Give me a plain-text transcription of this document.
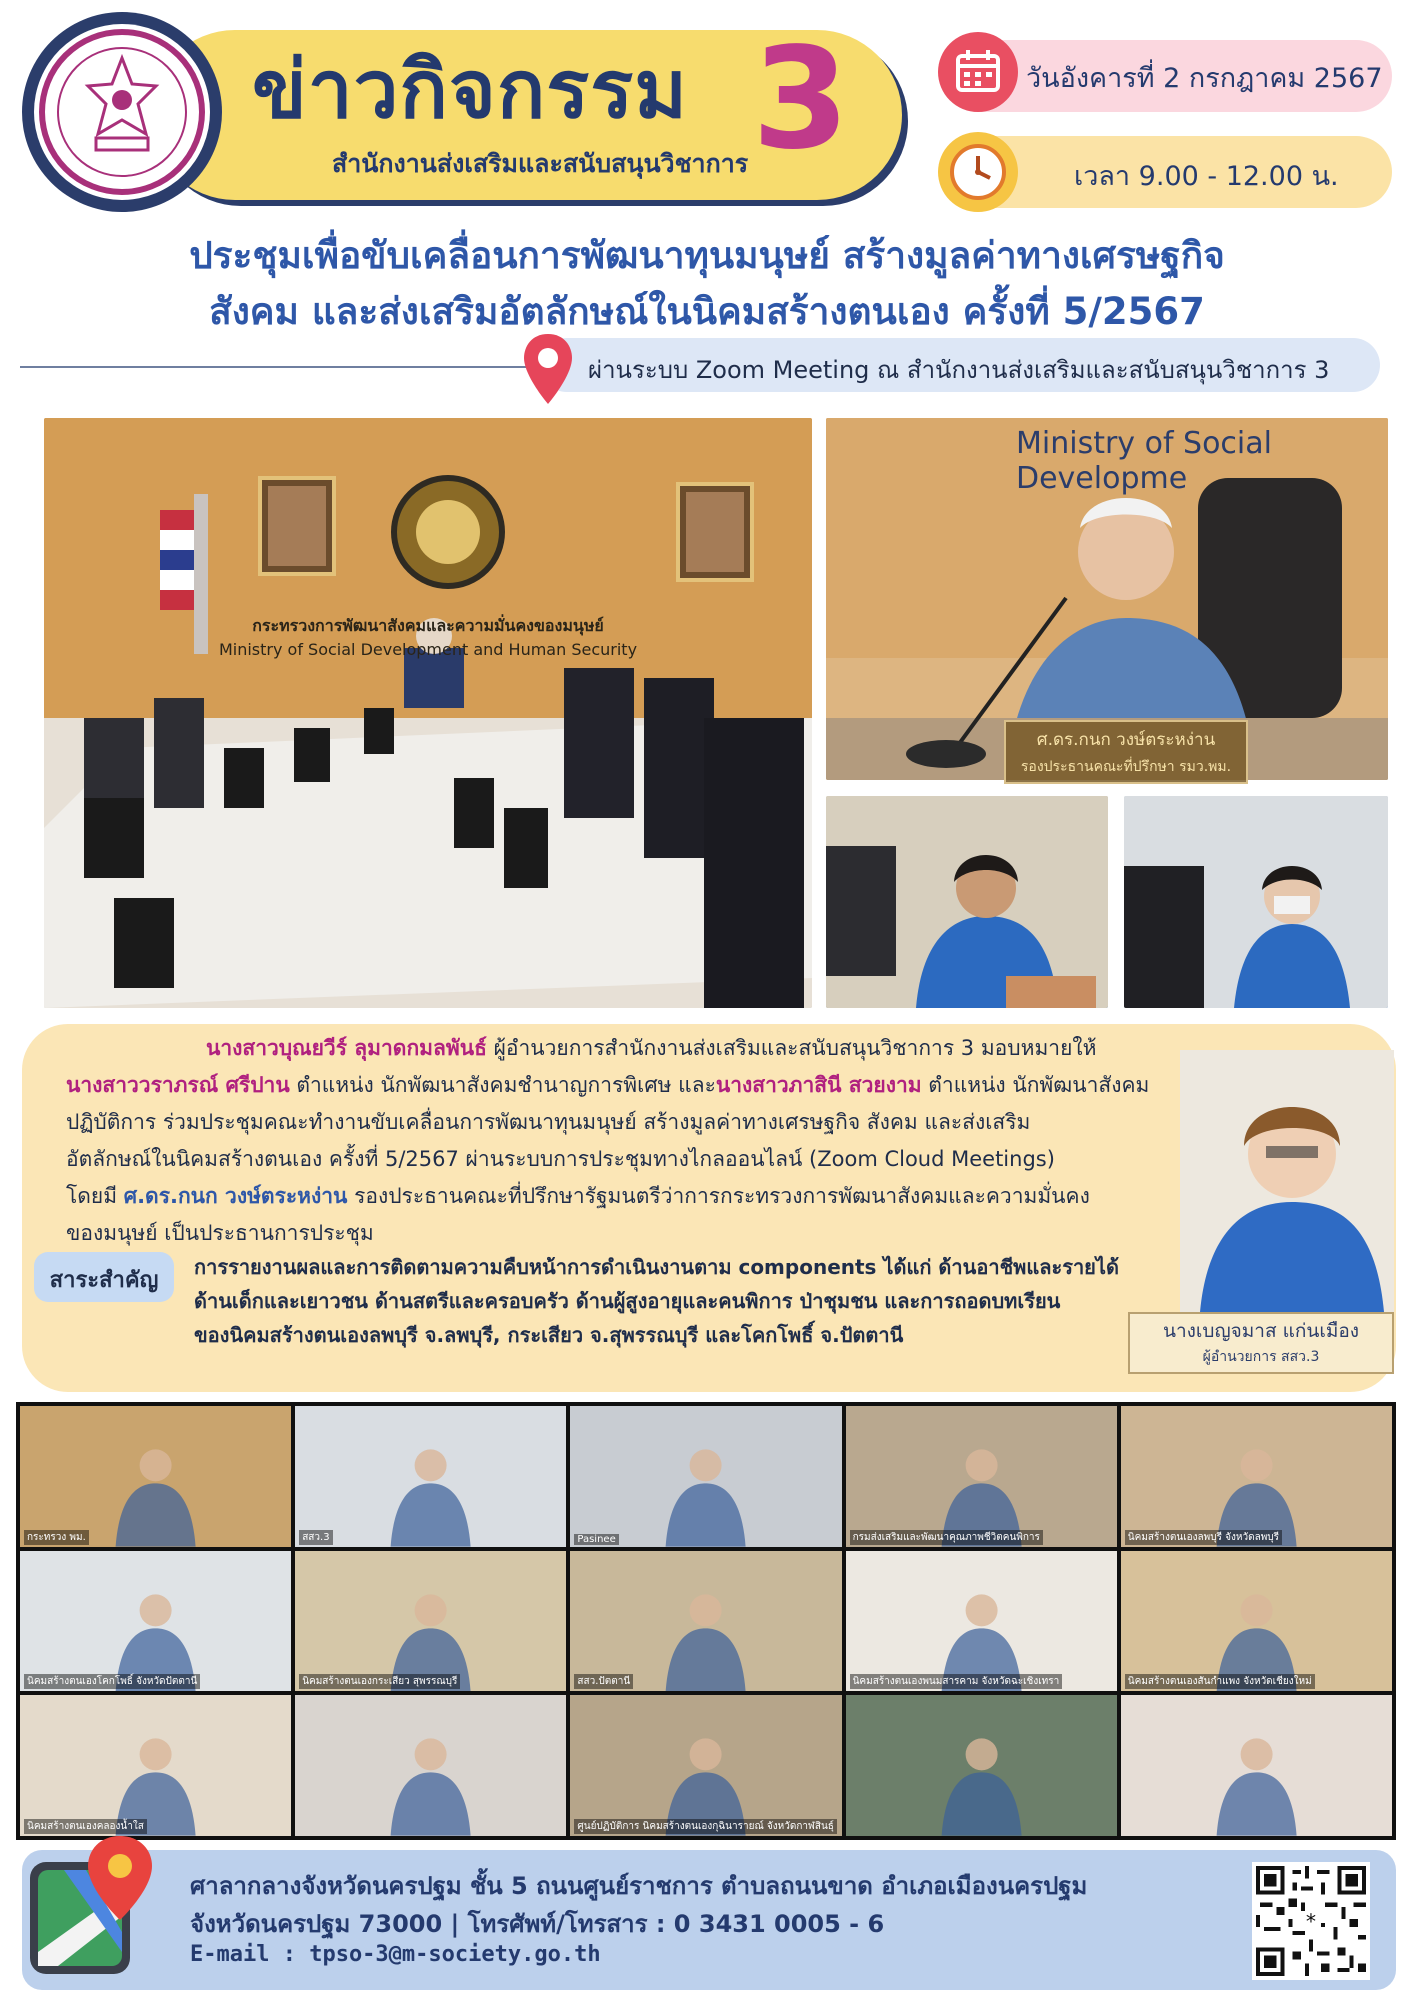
ข่าวกิจกรรม 3
สำนักงานส่งเสริมและสนับสนุนวิชาการ
วันอังคารที่ 2 กรกฎาคม 2567
เวลา 9.00 - 12.00 น.
ประชุมเพื่อขับเคลื่อนการพัฒนาทุนมนุษย์ สร้างมูลค่าทางเศรษฐกิจ
สังคม และส่งเสริมอัตลักษณ์ในนิคมสร้างตนเอง ครั้งที่ 5/2567
ผ่านระบบ Zoom Meeting ณ สำนักงานส่งเสริมและสนับสนุนวิชาการ 3
กระทรวงการพัฒนาสังคมและความมั่นคงของมนุษย์
Ministry of Social Development and Human Security
Ministry of Social Developme
ศ.ดร.กนก วงษ์ตระหง่าน
รองประธานคณะที่ปรึกษา รมว.พม.
นางสาวบุณยวีร์ ลุมาดกมลพันธ์ ผู้อำนวยการสำนักงานส่งเสริมและสนับสนุนวิชาการ 3 มอบหมายให้
นางสาววราภรณ์ ศรีปาน ตำแหน่ง นักพัฒนาสังคมชำนาญการพิเศษ และนางสาวภาสินี สวยงาม ตำแหน่ง นักพัฒนาสังคม
ปฏิบัติการ ร่วมประชุมคณะทำงานขับเคลื่อนการพัฒนาทุนมนุษย์ สร้างมูลค่าทางเศรษฐกิจ สังคม และส่งเสริม
อัตลักษณ์ในนิคมสร้างตนเอง ครั้งที่ 5/2567 ผ่านระบบการประชุมทางไกลออนไลน์ (Zoom Cloud Meetings)
โดยมี ศ.ดร.กนก วงษ์ตระหง่าน รองประธานคณะที่ปรึกษารัฐมนตรีว่าการกระทรวงการพัฒนาสังคมและความมั่นคง
ของมนุษย์ เป็นประธานการประชุม
สาระสำคัญ
การรายงานผลและการติดตามความคืบหน้าการดำเนินงานตาม components ได้แก่ ด้านอาชีพและรายได้
ด้านเด็กและเยาวชน ด้านสตรีและครอบครัว ด้านผู้สูงอายุและคนพิการ ป่าชุมชน และการถอดบทเรียน
ของนิคมสร้างตนเองลพบุรี จ.ลพบุรี, กระเสียว จ.สุพรรณบุรี และโคกโพธิ์ จ.ปัตตานี	นางเบญจมาส แก่นเมือง
ผู้อำนวยการ สสว.3
กระทรวง พม.	สสว.3	Pasinee	กรมส่งเสริมและพัฒนาคุณภาพชีวิตคนพิการ	นิคมสร้างตนเองลพบุรี จังหวัดลพบุรี
นิคมสร้างตนเองโคกโพธิ์ จังหวัดปัตตานี	นิคมสร้างตนเองกระเสียว สุพรรณบุรี	สสว.ปัตตานี	นิคมสร้างตนเองพนมสารคาม จังหวัดฉะเชิงเทรา	นิคมสร้างตนเองสันกำแพง จังหวัดเชียงใหม่
นิคมสร้างตนเองคลองน้ำใส	ศูนย์ปฏิบัติการ นิคมสร้างตนเองกุฉินารายณ์ จังหวัดกาฬสินธุ์
ศาลากลางจังหวัดนครปฐม ชั้น 5 ถนนศูนย์ราชการ ตำบลถนนขาด อำเภอเมืองนครปฐม
จังหวัดนครปฐม 73000 | โทรศัพท์/โทรสาร : 0 3431 0005 - 6
E-mail : tpso-3@m-society.go.th
*
